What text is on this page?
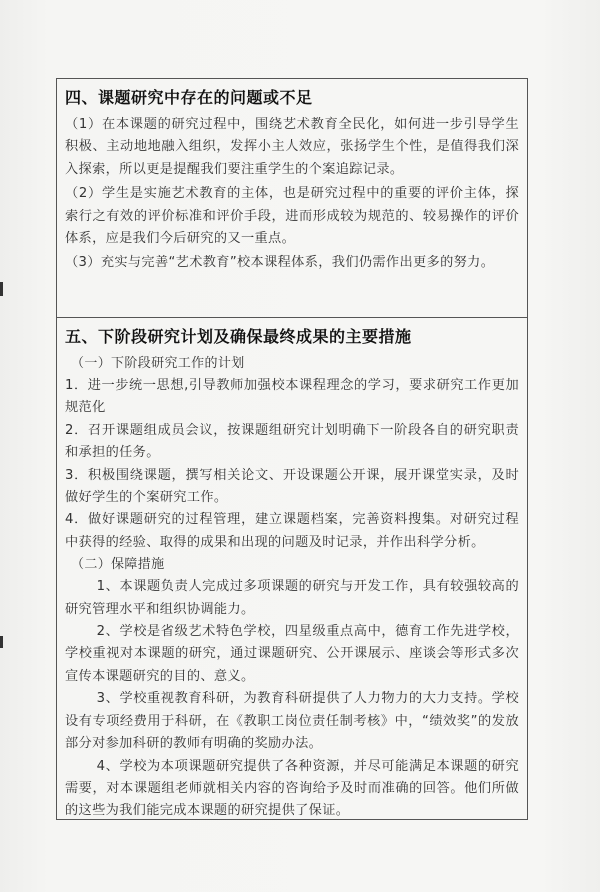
四、课题研究中存在的问题或不足

（1）在本课题的研究过程中，围绕艺术教育全民化，如何进一步引导学生积极、主动地地融入组织，发挥小主人效应，张扬学生个性，是值得我们深入探索，所以更是提醒我们要注重学生的个案追踪记录。

（2）学生是实施艺术教育的主体，也是研究过程中的重要的评价主体，探索行之有效的评价标准和评价手段，进而形成较为规范的、较易操作的评价体系，应是我们今后研究的又一重点。

（3）充实与完善“艺术教育”校本课程体系，我们仍需作出更多的努力。

五、下阶段研究计划及确保最终成果的主要措施

（一）下阶段研究工作的计划

1．进一步统一思想,引导教师加强校本课程理念的学习，要求研究工作更加规范化

2．召开课题组成员会议，按课题组研究计划明确下一阶段各自的研究职责和承担的任务。

3．积极围绕课题，撰写相关论文、开设课题公开课，展开课堂实录，及时做好学生的个案研究工作。

4．做好课题研究的过程管理，建立课题档案，完善资料搜集。对研究过程中获得的经验、取得的成果和出现的问题及时记录，并作出科学分析。

（二）保障措施

1、本课题负责人完成过多项课题的研究与开发工作，具有较强较高的研究管理水平和组织协调能力。

2、学校是省级艺术特色学校，四星级重点高中，德育工作先进学校，学校重视对本课题的研究，通过课题研究、公开课展示、座谈会等形式多次宣传本课题研究的目的、意义。

3、学校重视教育科研，为教育科研提供了人力物力的大力支持。学校设有专项经费用于科研，在《教职工岗位责任制考核》中，“绩效奖”的发放部分对参加科研的教师有明确的奖励办法。

4、学校为本项课题研究提供了各种资源，并尽可能满足本课题的研究需要，对本课题组老师就相关内容的咨询给予及时而准确的回答。他们所做的这些为我们能完成本课题的研究提供了保证。
